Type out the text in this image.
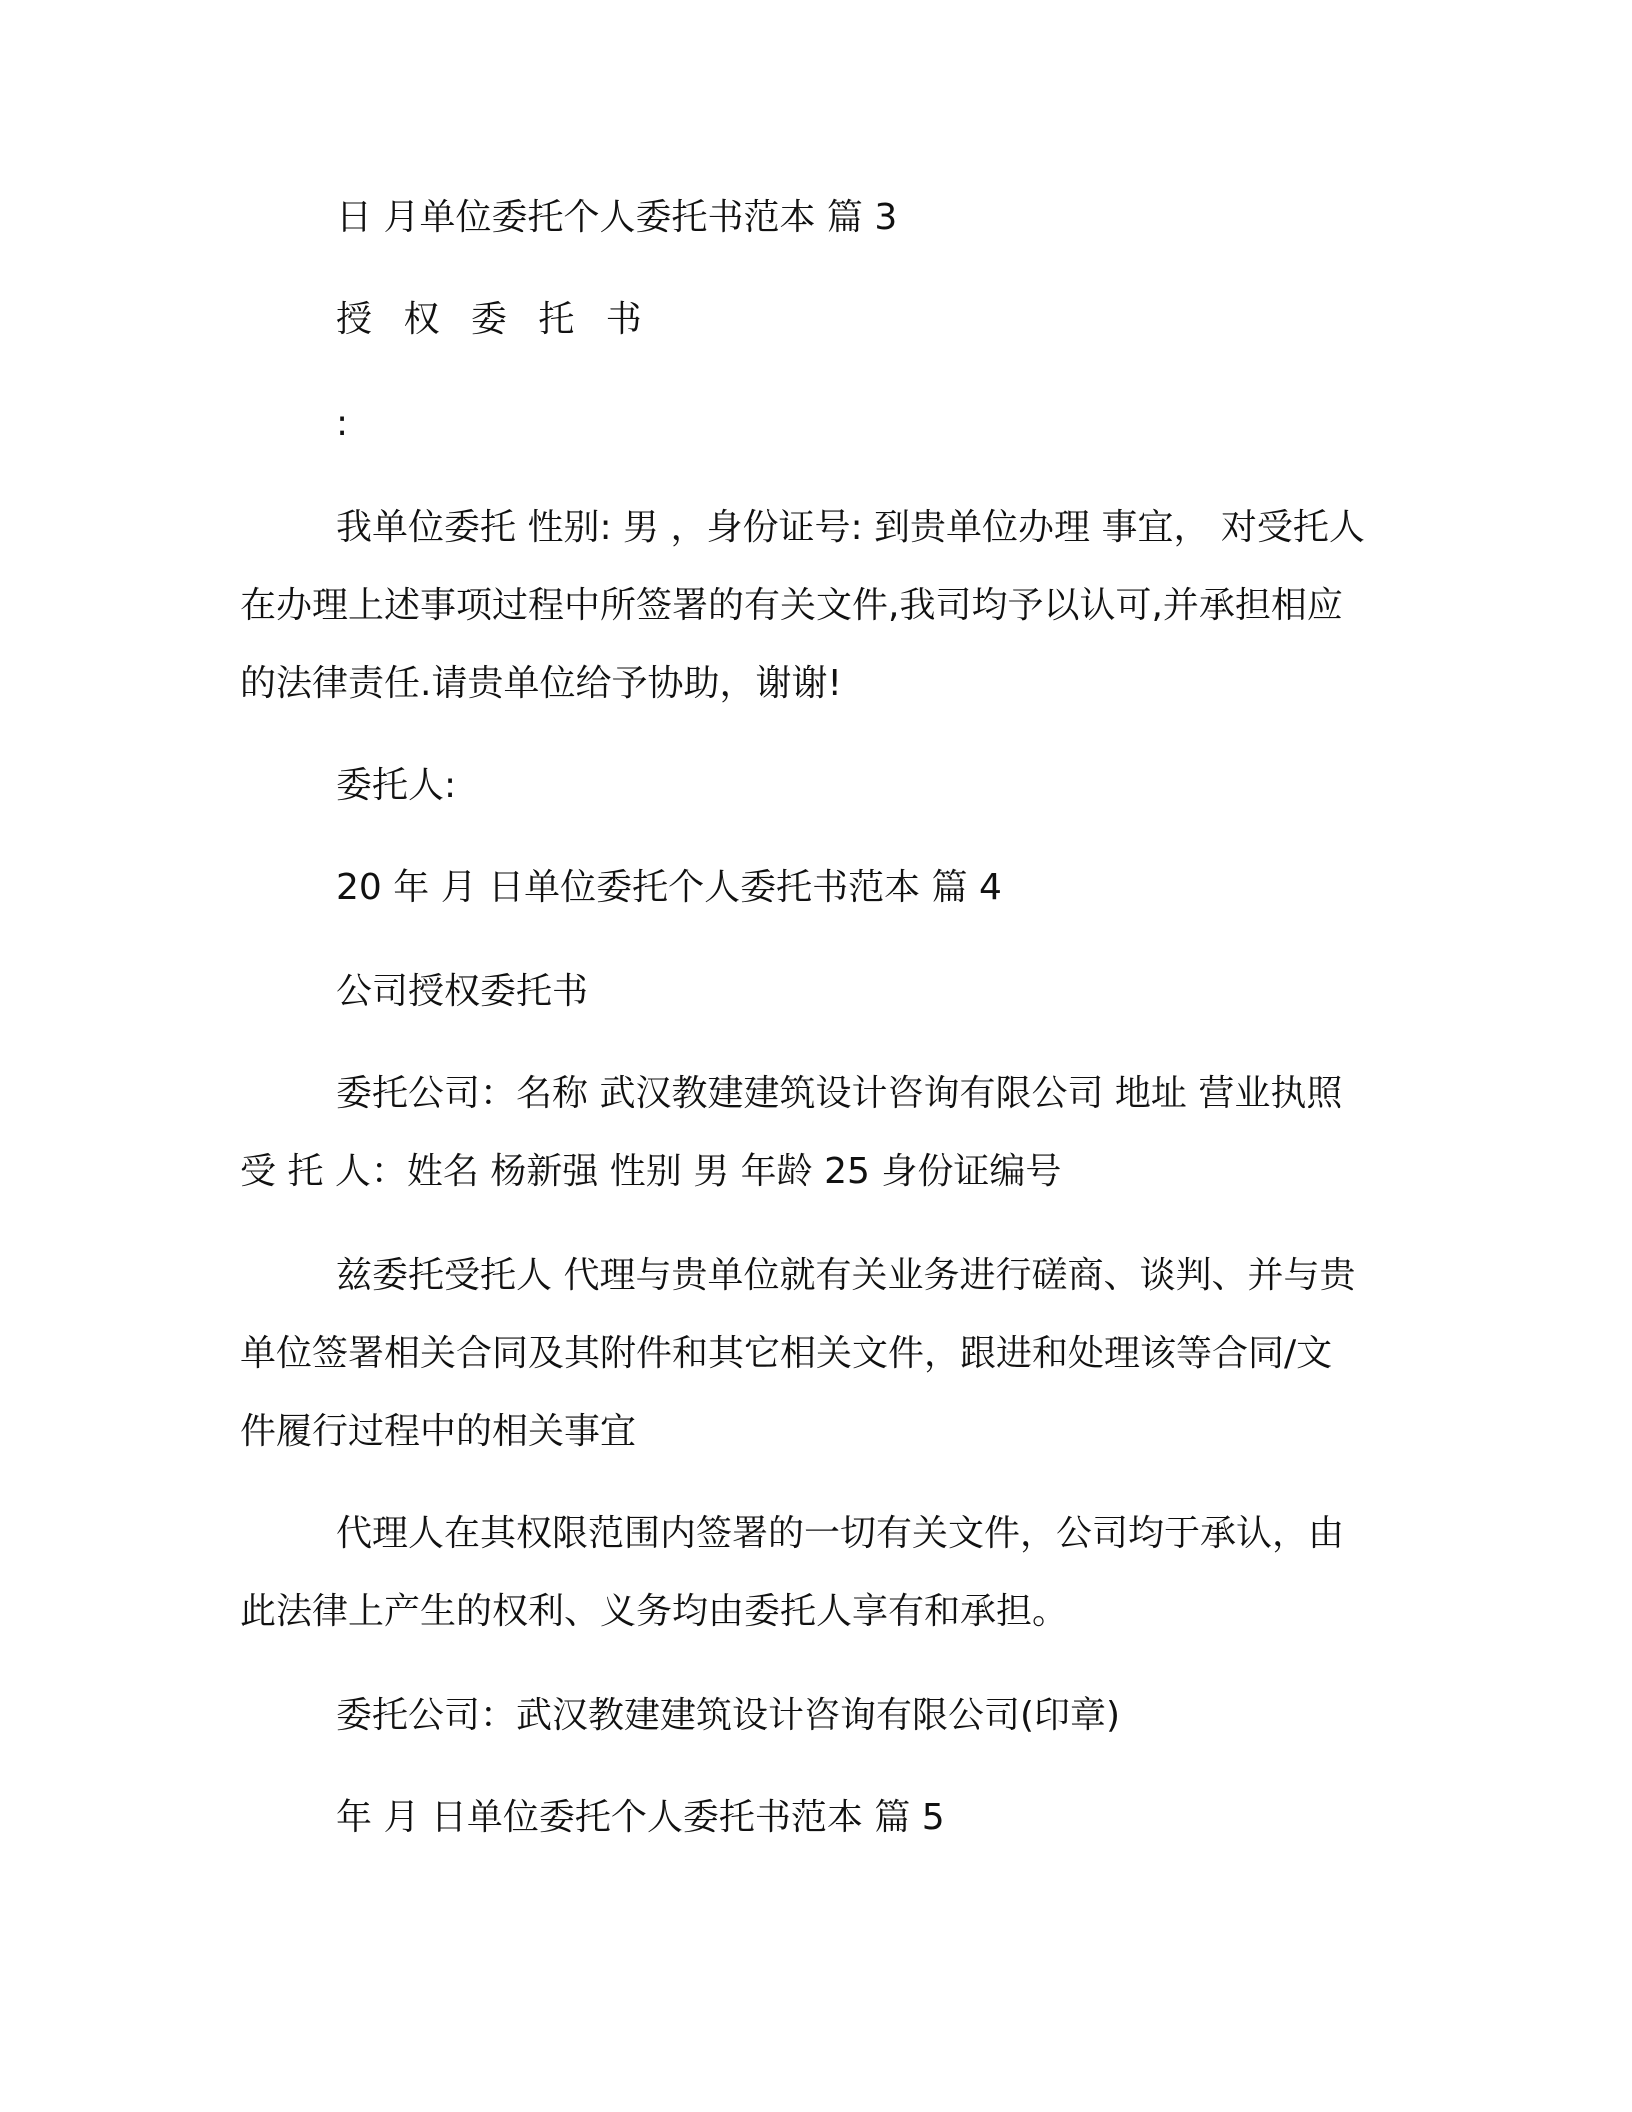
日 月单位委托个人委托书范本 篇 3
授 权 委 托 书
:
我单位委托 性别: 男 ，身份证号: 到贵单位办理 事宜， 对受托人
在办理上述事项过程中所签署的有关文件,我司均予以认可,并承担相应
的法律责任.请贵单位给予协助，谢谢!
委托人:
20 年 月 日单位委托个人委托书范本 篇 4
公司授权委托书
委托公司：名称 武汉教建建筑设计咨询有限公司 地址 营业执照
受 托 人：姓名 杨新强 性别 男 年龄 25 身份证编号
兹委托受托人 代理与贵单位就有关业务进行磋商、谈判、并与贵
单位签署相关合同及其附件和其它相关文件，跟进和处理该等合同/文
件履行过程中的相关事宜
代理人在其权限范围内签署的一切有关文件，公司均于承认，由
此法律上产生的权利、义务均由委托人享有和承担。
委托公司：武汉教建建筑设计咨询有限公司(印章)
年 月 日单位委托个人委托书范本 篇 5
